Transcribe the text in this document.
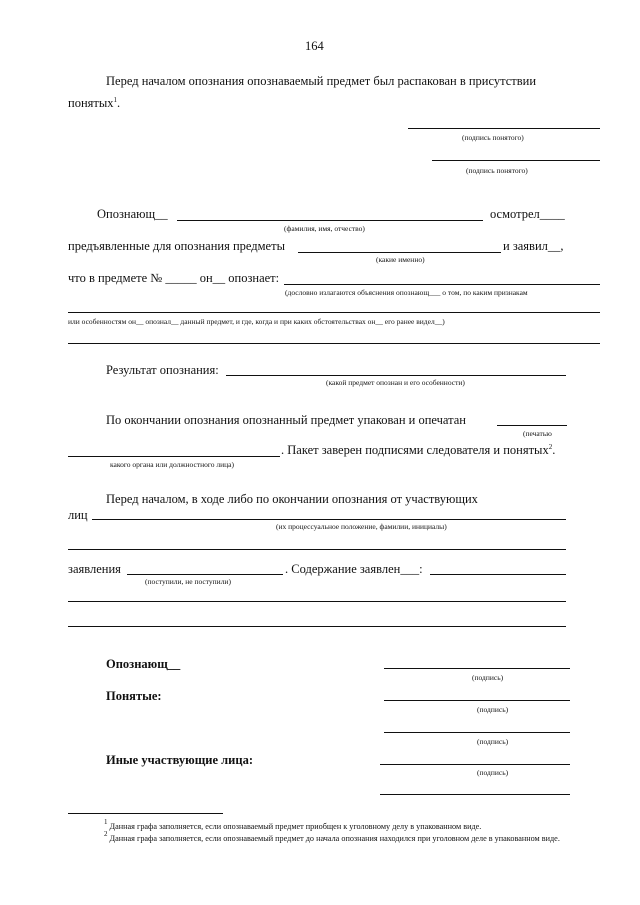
164
Перед началом опознания опознаваемый предмет был распакован в присутствии
понятых$^1$.
(подпись понятого)
(подпись понятого)
Опознающ__	осмотрел____
(фамилия, имя, отчество)
предъявленные для опознания предметы	и заявил__,
(какие именно)
что в предмете № _____ он__ опознает:
(дословно излагаются объяснения опознающ___ о том, по каким признакам
или особенностям он__ опознал__ данный предмет, и где, когда и при каких обстоятельствах он__ его ранее видел__)
Результат опознания:
(какой предмет опознан и его особенности)
По окончании опознания опознанный предмет упакован и опечатан
(печатью
. Пакет заверен подписями следователя и понятых$^2$.
какого органа или должностного лица)
Перед началом, в ходе либо по окончании опознания от участвующих
лиц
(их процессуальное положение, фамилии, инициалы)
заявления	. Содержание заявлен___:
(поступили, не поступили)
Опознающ__
(подпись)
Понятые:
(подпись)
(подпись)
Иные участвующие лица:
(подпись)
$^1$ Данная графа заполняется, если опознаваемый предмет приобщен к уголовному делу в упакованном виде.
$^2$ Данная графа заполняется, если опознаваемый предмет до начала опознания находился при уголовном деле в упакованном виде.
